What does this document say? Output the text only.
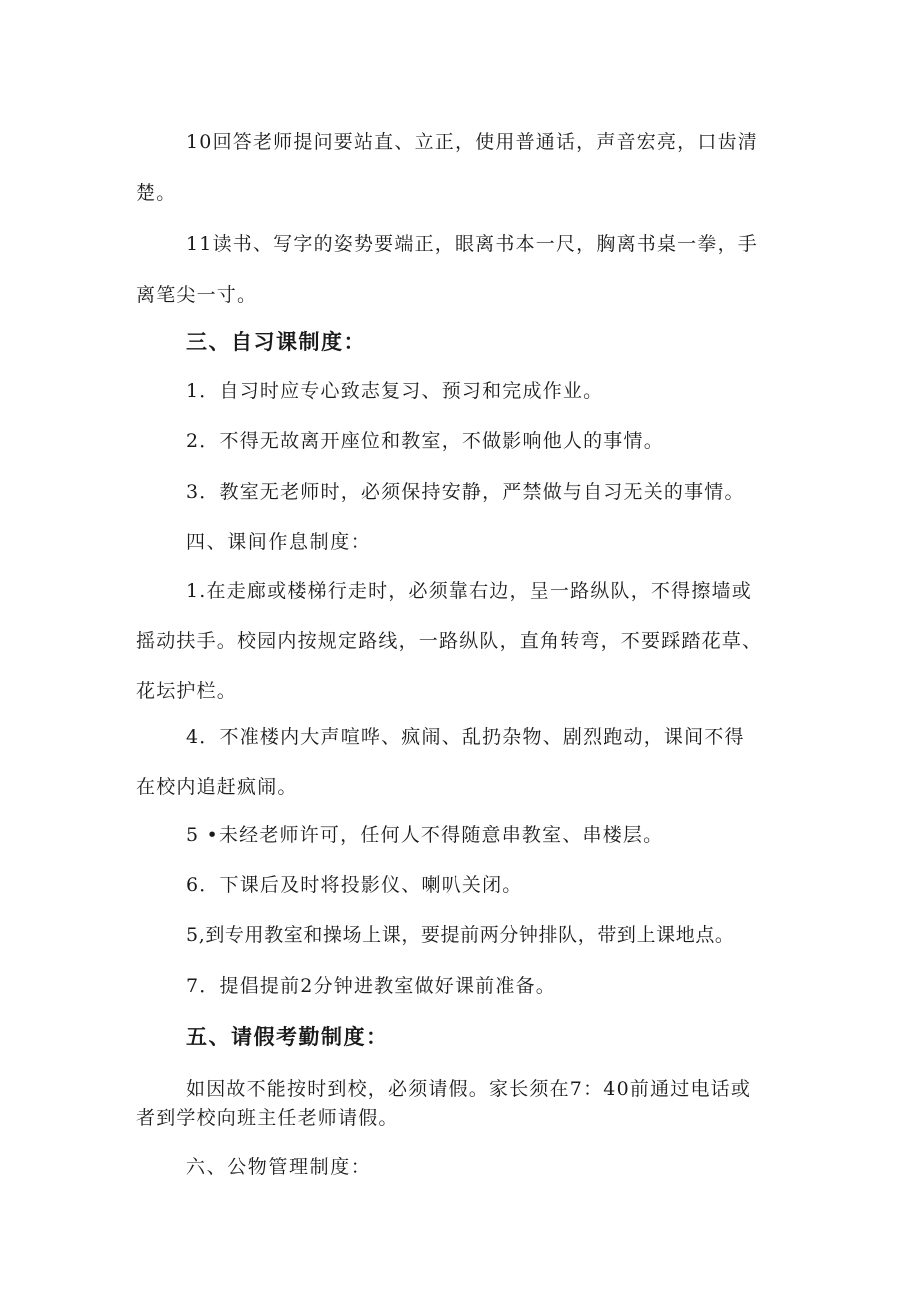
10回答老师提问要站直、立正，使用普通话，声音宏亮，口齿清
楚。
11读书、写字的姿势要端正，眼离书本一尺，胸离书桌一拳，手
离笔尖一寸。
三、自习课制度：
1．自习时应专心致志复习、预习和完成作业。
2．不得无故离开座位和教室，不做影响他人的事情。
3．教室无老师时，必须保持安静，严禁做与自习无关的事情。
四、课间作息制度：
1.在走廊或楼梯行走时，必须靠右边，呈一路纵队，不得擦墙或
摇动扶手。校园内按规定路线，一路纵队，直角转弯，不要踩踏花草、
花坛护栏。
4．不准楼内大声喧哗、疯闹、乱扔杂物、剧烈跑动，课间不得
在校内追赶疯闹。
5 •未经老师许可，任何人不得随意串教室、串楼层。
6．下课后及时将投影仪、喇叭关闭。
5,到专用教室和操场上课，要提前两分钟排队，带到上课地点。
7．提倡提前2分钟进教室做好课前准备。
五、请假考勤制度：
如因故不能按时到校，必须请假。家长须在7：40前通过电话或
者到学校向班主任老师请假。
六、公物管理制度：
